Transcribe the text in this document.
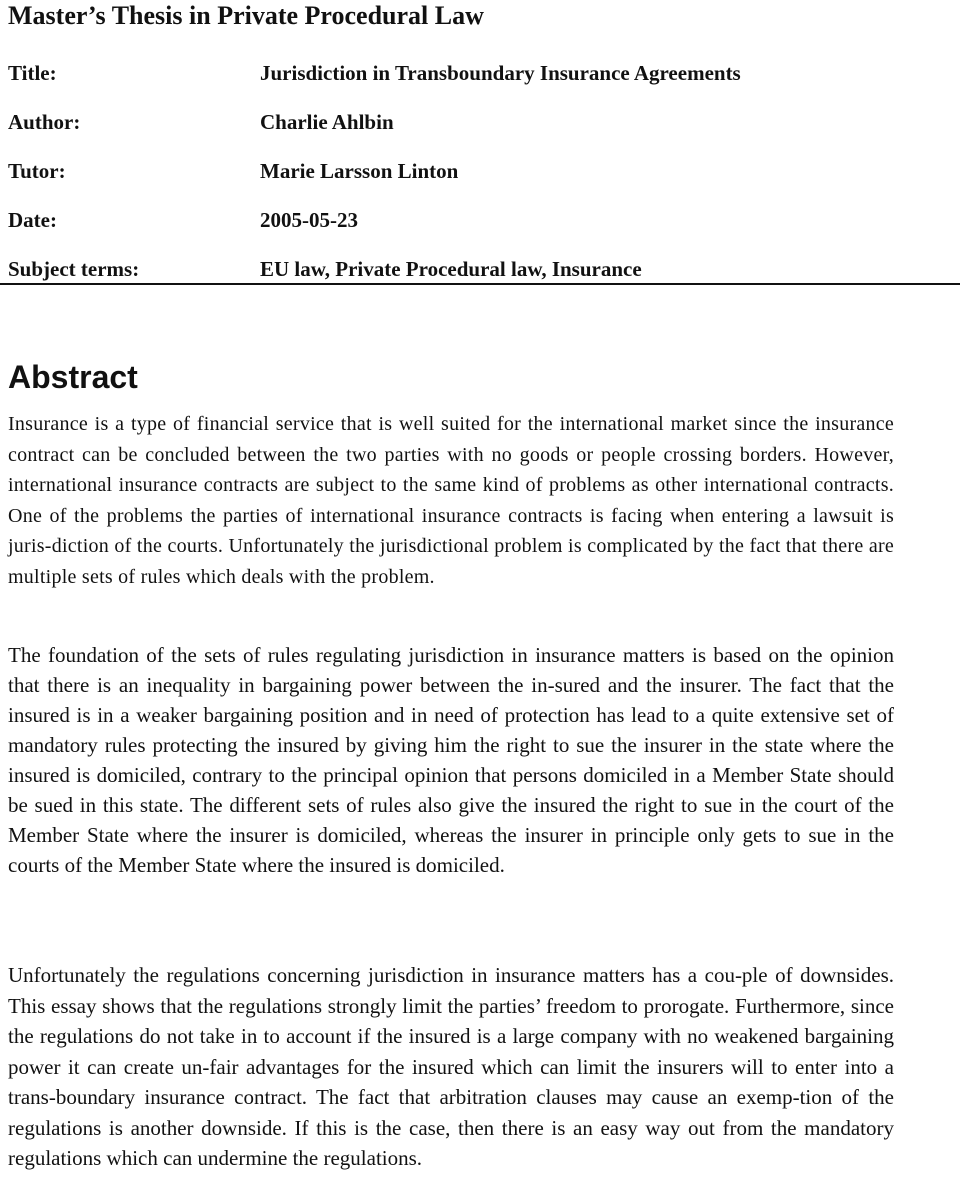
Master’s Thesis in Private Procedural Law
Title:	Jurisdiction in Transboundary Insurance Agreements
Author:	Charlie Ahlbin
Tutor:	Marie Larsson Linton
Date:	2005-05-23
Subject terms:	EU law, Private Procedural law, Insurance
Abstract

Insurance is a type of financial service that is well suited for the international market since the insurance contract can be concluded between the two parties with no goods or people crossing borders. However, international insurance contracts are subject to the same kind of problems as other international contracts. One of the problems the parties of international insurance contracts is facing when entering a lawsuit is juris-diction of the courts. Unfortunately the jurisdictional problem is complicated by the fact that there are multiple sets of rules which deals with the problem.

The foundation of the sets of rules regulating jurisdiction in insurance matters is based on the opinion that there is an inequality in bargaining power between the in-sured and the insurer. The fact that the insured is in a weaker bargaining position and in need of protection has lead to a quite extensive set of mandatory rules protecting the insured by giving him the right to sue the insurer in the state where the insured is domiciled, contrary to the principal opinion that persons domiciled in a Member State should be sued in this state. The different sets of rules also give the insured the right to sue in the court of the Member State where the insurer is domiciled, whereas the insurer in principle only gets to sue in the courts of the Member State where the insured is domiciled.

Unfortunately the regulations concerning jurisdiction in insurance matters has a cou-ple of downsides. This essay shows that the regulations strongly limit the parties’ freedom to prorogate. Furthermore, since the regulations do not take in to account if the insured is a large company with no weakened bargaining power it can create un-fair advantages for the insured which can limit the insurers will to enter into a trans-boundary insurance contract. The fact that arbitration clauses may cause an exemp-tion of the regulations is another downside. If this is the case, then there is an easy way out from the mandatory regulations which can undermine the regulations.
